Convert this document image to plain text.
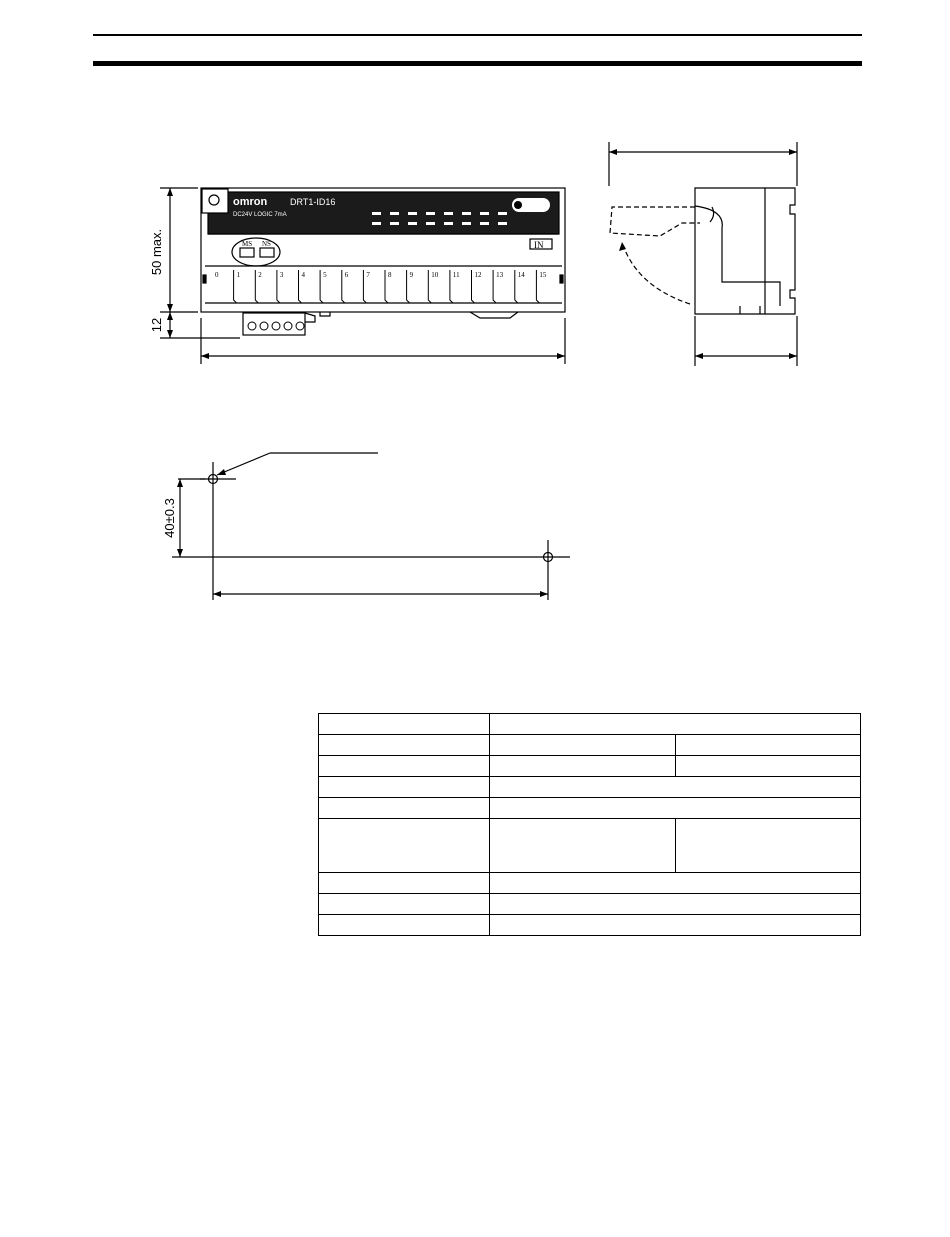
omron	DRT1-ID16
DC24V LOGIC 7mA
MS NS	IN
0	1	2	3	4	5	6	7	8	9	10 11 12 13 14 15
50 max.
12
40±0.3
